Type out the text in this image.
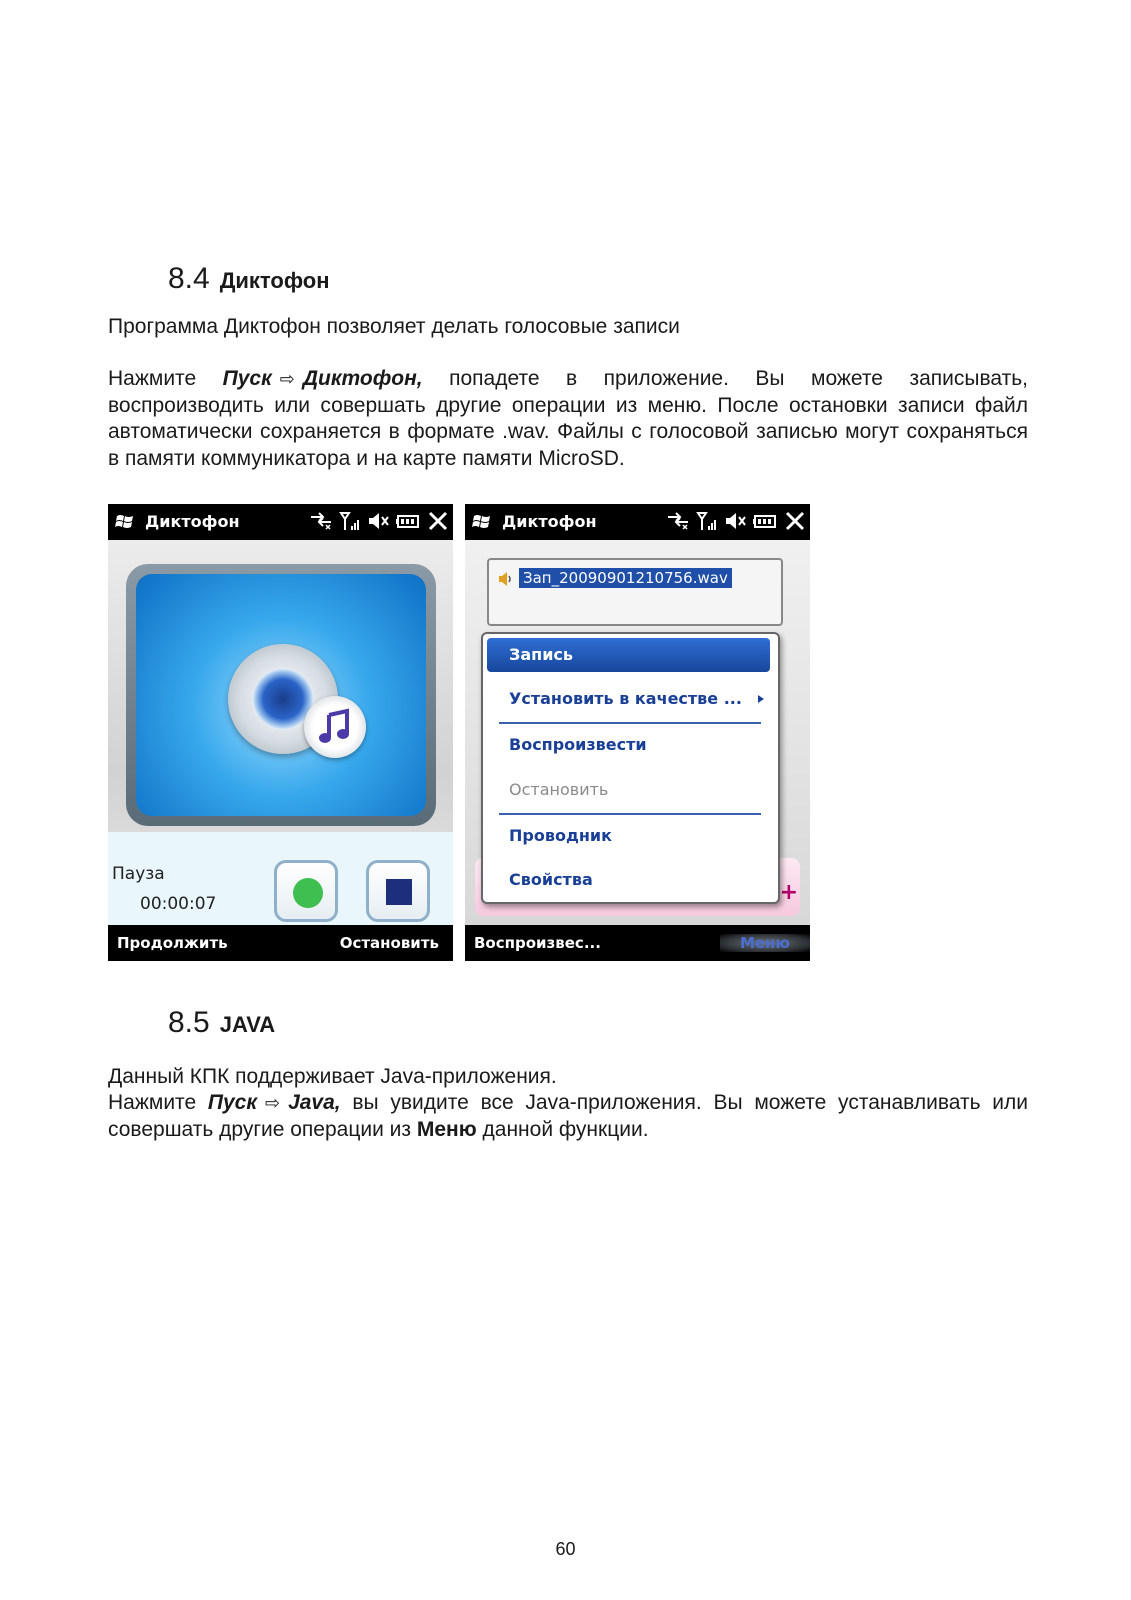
8.4 Диктофон
Программа Диктофон позволяет делать голосовые записи
Нажмите Пуск ⇨ Диктофон, попадете в приложение. Вы можете записывать, воспроизводить или совершать другие операции из меню. После остановки записи файл автоматически сохраняется в формате .wav. Файлы с голосовой записью могут сохраняться в памяти коммуникатора и на карте памяти MicroSD.
Диктофон
Пауза
00:00:07
Продолжить	Остановить
Диктофон
Зап_20090901210756.wav
+
Запись
Установить в качестве ...
Воспроизвести
Остановить
Проводник
Свойства
Воспроизвес...	Меню
8.5 JAVA
Данный КПК поддерживает Java-приложения.
Нажмите Пуск ⇨ Java, вы увидите все Java-приложения. Вы можете устанавливать или совершать другие операции из Меню данной функции.
60
